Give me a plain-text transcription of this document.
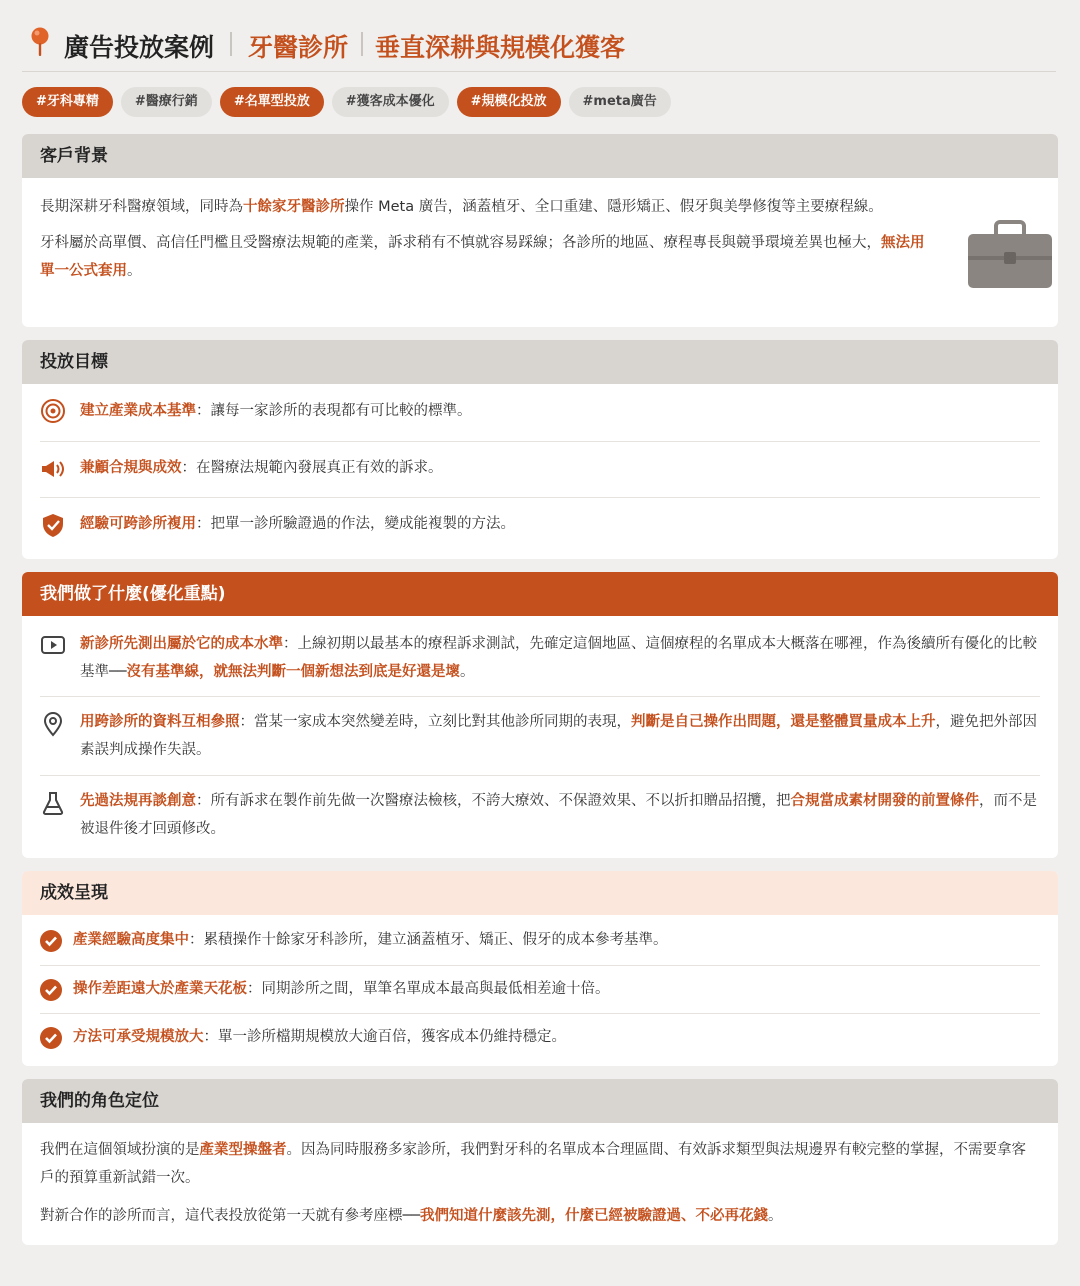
廣告投放案例 牙醫診所 垂直深耕與規模化獲客
#牙科專精	#醫療行銷	#名單型投放	#獲客成本優化	#規模化投放	#meta廣告
客戶背景

長期深耕牙科醫療領域，同時為十餘家牙醫診所操作 Meta 廣告，涵蓋植牙、全口重建、隱形矯正、假牙與美學修復等主要療程線。

牙科屬於高單價、高信任門檻且受醫療法規範的產業，訴求稍有不慎就容易踩線；各診所的地區、療程專長與競爭環境差異也極大，無法用單一公式套用。

投放目標

建立產業成本基準：讓每一家診所的表現都有可比較的標準。

兼顧合規與成效：在醫療法規範內發展真正有效的訴求。

經驗可跨診所複用：把單一診所驗證過的作法，變成能複製的方法。

我們做了什麼(優化重點)

新診所先測出屬於它的成本水準：上線初期以最基本的療程訴求測試，先確定這個地區、這個療程的名單成本大概落在哪裡，作為後續所有優化的比較基準──沒有基準線，就無法判斷一個新想法到底是好還是壞。

用跨診所的資料互相參照：當某一家成本突然變差時，立刻比對其他診所同期的表現，判斷是自己操作出問題，還是整體買量成本上升，避免把外部因素誤判成操作失誤。

先過法規再談創意：所有訴求在製作前先做一次醫療法檢核，不誇大療效、不保證效果、不以折扣贈品招攬，把合規當成素材開發的前置條件，而不是被退件後才回頭修改。

成效呈現

產業經驗高度集中：累積操作十餘家牙科診所，建立涵蓋植牙、矯正、假牙的成本參考基準。

操作差距遠大於產業天花板：同期診所之間，單筆名單成本最高與最低相差逾十倍。

方法可承受規模放大：單一診所檔期規模放大逾百倍，獲客成本仍維持穩定。

我們的角色定位

我們在這個領域扮演的是產業型操盤者。因為同時服務多家診所，我們對牙科的名單成本合理區間、有效訴求類型與法規邊界有較完整的掌握，不需要拿客戶的預算重新試錯一次。

對新合作的診所而言，這代表投放從第一天就有參考座標──我們知道什麼該先測，什麼已經被驗證過、不必再花錢。
